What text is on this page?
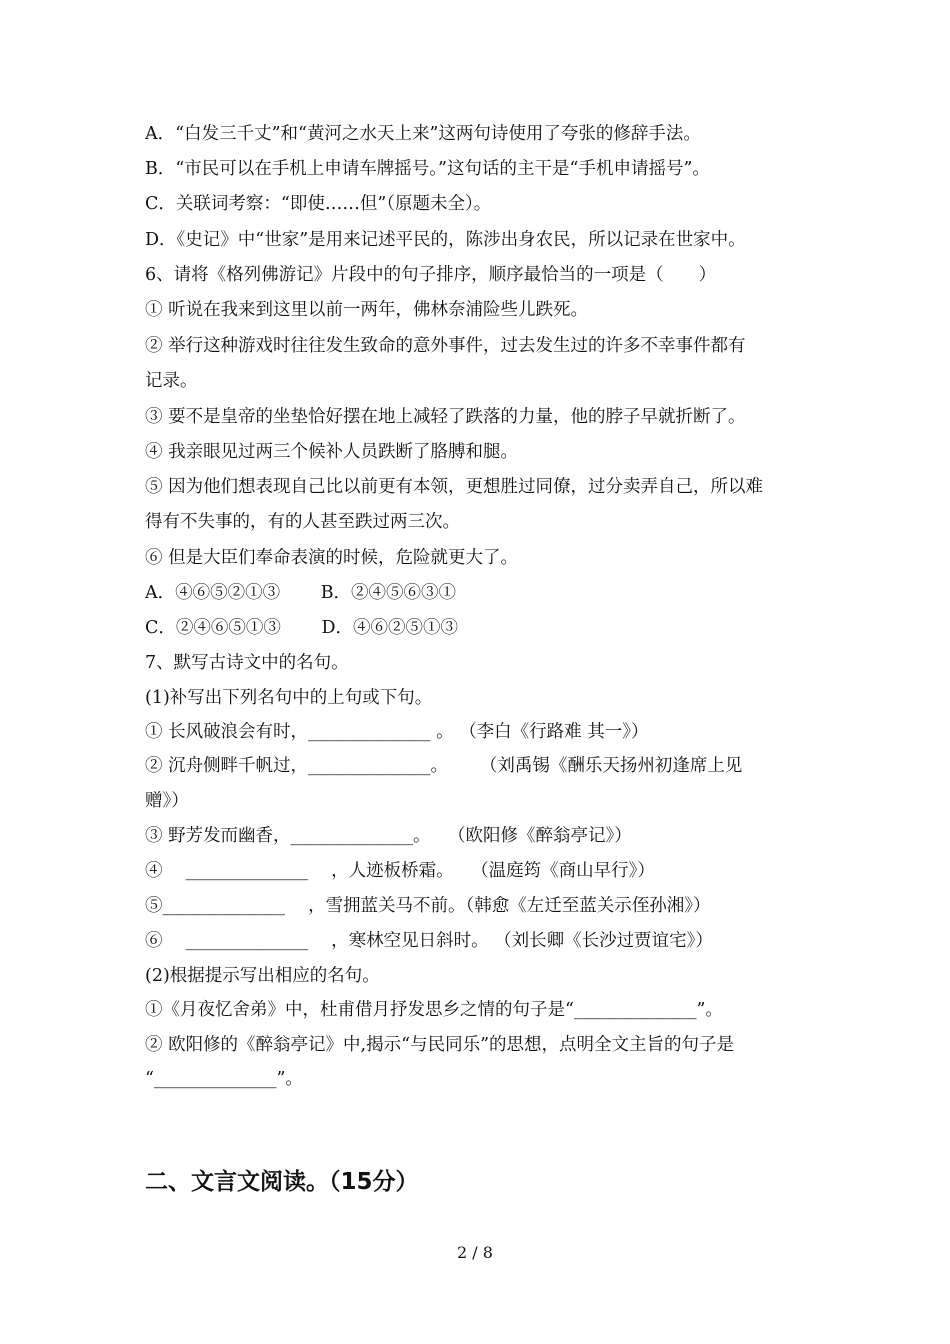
A．“白发三千丈”和“黄河之水天上来”这两句诗使用了夸张的修辞手法。
B．“市民可以在手机上申请车牌摇号。”这句话的主干是“手机申请摇号”。
C．关联词考察：“即使……但”（原题未全）。
D．《史记》中“世家”是用来记述平民的，陈涉出身农民，所以记录在世家中。
6、请将《格列佛游记》片段中的句子排序，顺序最恰当的一项是（　　）
① 听说在我来到这里以前一两年，佛林奈浦险些儿跌死。
② 举行这种游戏时往往发生致命的意外事件，过去发生过的许多不幸事件都有
记录。
③ 要不是皇帝的坐垫恰好摆在地上减轻了跌落的力量，他的脖子早就折断了。
④ 我亲眼见过两三个候补人员跌断了胳膊和腿。
⑤ 因为他们想表现自己比以前更有本领，更想胜过同僚，过分卖弄自己，所以难
得有不失事的，有的人甚至跌过两三次。
⑥ 但是大臣们奉命表演的时候，危险就更大了。
A．④⑥⑤②①③　　 B．②④⑤⑥③①
C．②④⑥⑤①③　　 D．④⑥②⑤①③
7、默写古诗文中的名句。
(1)补写出下列名句中的上句或下句。
① 长风破浪会有时，______________ 。 （李白《行路难 其一》）
② 沉舟侧畔千帆过，______________。　　 （刘禹锡《酬乐天扬州初逢席上见
赠》）
③ 野芳发而幽香，______________。　　（欧阳修《醉翁亭记》）
④　 ______________　 ，人迹板桥霜。　　（温庭筠《商山早行》）
⑤______________　 ，雪拥蓝关马不前。（韩愈《左迁至蓝关示侄孙湘》）
⑥　 ______________　 ，寒林空见日斜时。 （刘长卿《长沙过贾谊宅》）
(2)根据提示写出相应的名句。
①《月夜忆舍弟》中，杜甫借月抒发思乡之情的句子是“______________”。
② 欧阳修的《醉翁亭记》中,揭示“与民同乐”的思想，点明全文主旨的句子是
“______________”。
二、文言文阅读。（15分）
2 / 8
